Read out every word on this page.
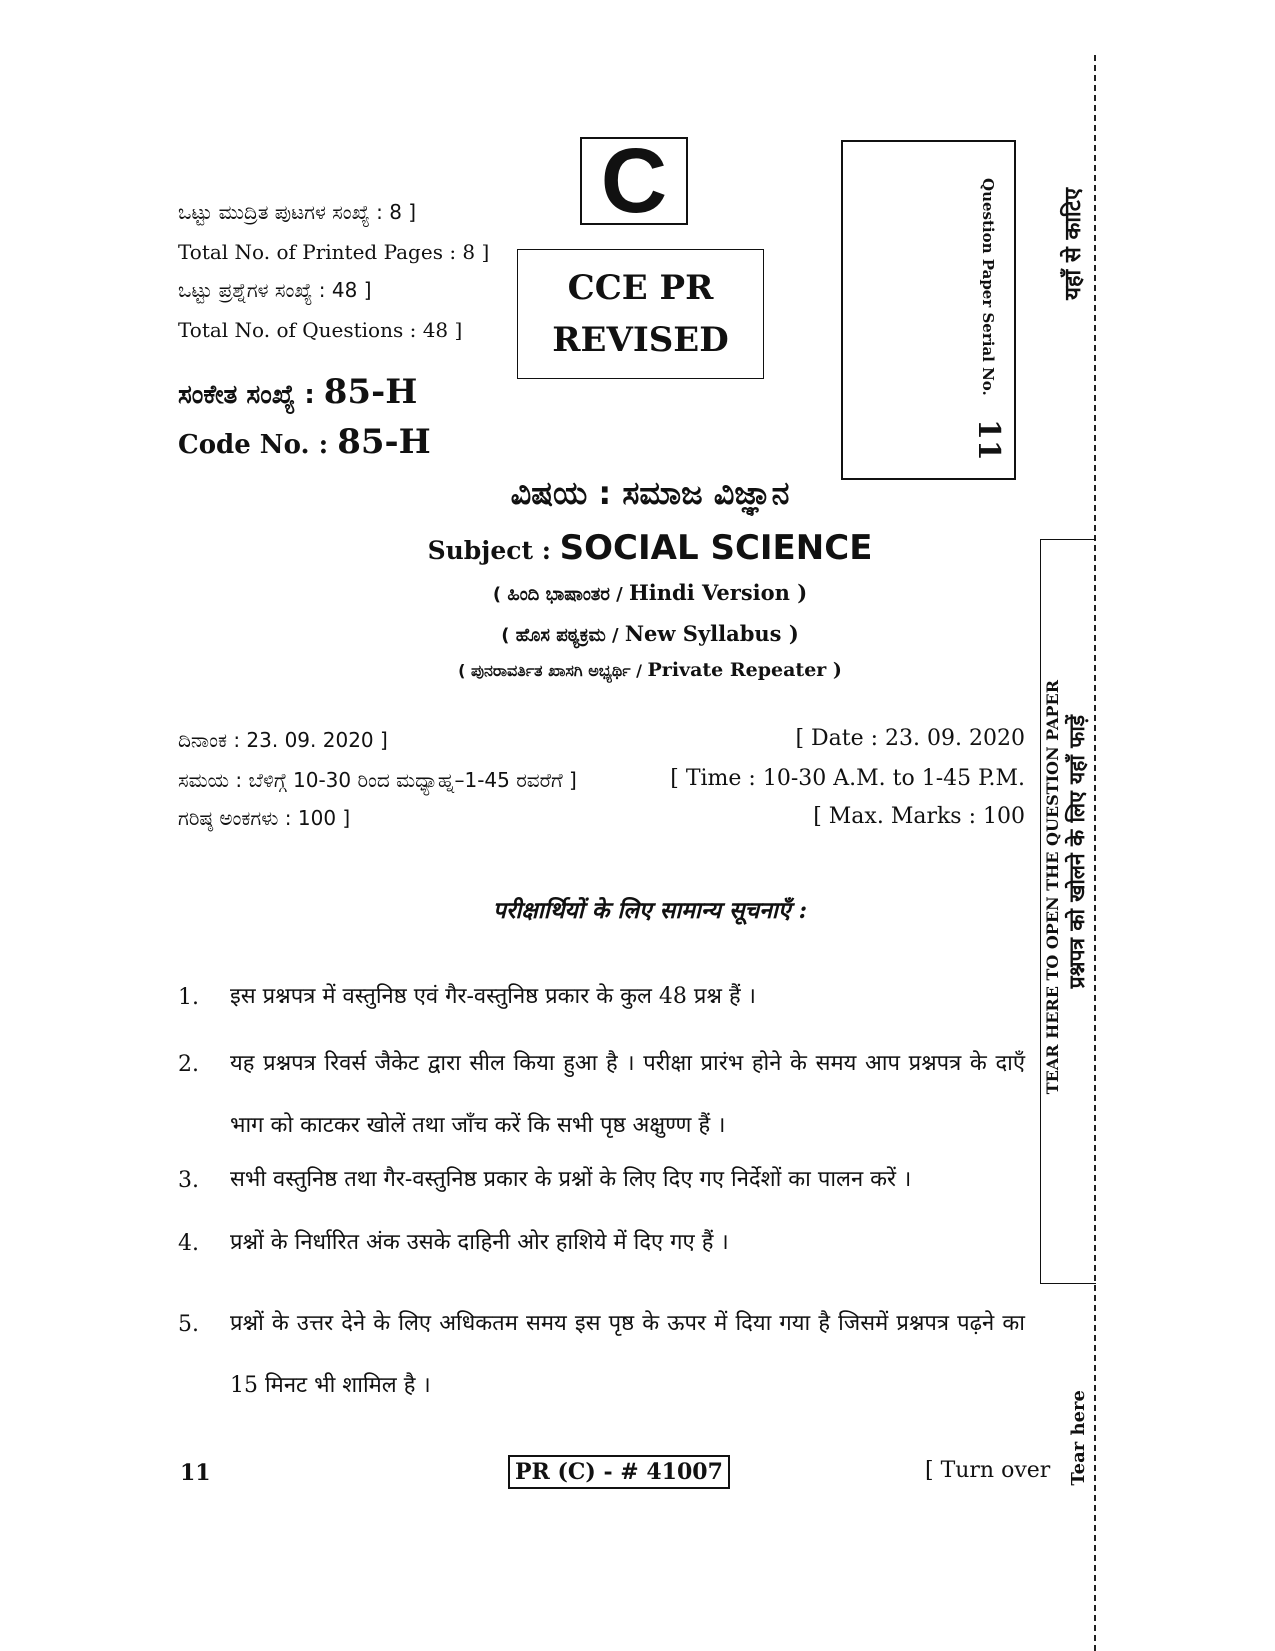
ಒಟ್ಟು ಮುದ್ರಿತ ಪುಟಗಳ ಸಂಖ್ಯೆ : 8 ]
Total No. of Printed Pages : 8 ]
ಒಟ್ಟು ಪ್ರಶ್ನೆಗಳ ಸಂಖ್ಯೆ : 48 ]
Total No. of Questions : 48 ]
ಸಂಕೇತ ಸಂಖ್ಯೆ : 85-H
Code No. : 85-H
C
CCE PR
REVISED	Question Paper Serial No. 11
ವಿಷಯ : ಸಮಾಜ ವಿಜ್ಞಾನ
Subject : SOCIAL SCIENCE
( ಹಿಂದಿ ಭಾಷಾಂತರ / Hindi Version )
( ಹೊಸ ಪಠ್ಯಕ್ರಮ / New Syllabus )
( ಪುನರಾವರ್ತಿತ ಖಾಸಗಿ ಅಭ್ಯರ್ಥಿ / Private Repeater )
ದಿನಾಂಕ : 23. 09. 2020 ]	[ Date : 23. 09. 2020
ಸಮಯ : ಬೆಳಿಗ್ಗೆ 10-30 ರಿಂದ ಮಧ್ಯಾಹ್ನ–1-45 ರವರೆಗೆ ]	[ Time : 10-30 A.M. to 1-45 P.M.
ಗರಿಷ್ಠ ಅಂಕಗಳು : 100 ]	[ Max. Marks : 100
परीक्षार्थियों के लिए सामान्य सूचनाएँ :
1. इस प्रश्नपत्र में वस्तुनिष्ठ एवं गैर-वस्तुनिष्ठ प्रकार के कुल 48 प्रश्न हैं ।
2. यह प्रश्नपत्र रिवर्स जैकेट द्वारा सील किया हुआ है । परीक्षा प्रारंभ होने के समय आप प्रश्नपत्र के दाएँ भाग को काटकर खोलें तथा जाँच करें कि सभी पृष्ठ अक्षुण्ण हैं ।
3. सभी वस्तुनिष्ठ तथा गैर-वस्तुनिष्ठ प्रकार के प्रश्नों के लिए दिए गए निर्देशों का पालन करें ।
4. प्रश्नों के निर्धारित अंक उसके दाहिनी ओर हाशिये में दिए गए हैं ।
5. प्रश्नों के उत्तर देने के लिए अधिकतम समय इस पृष्ठ के ऊपर में दिया गया है जिसमें प्रश्नपत्र पढ़ने का 15 मिनट भी शामिल है ।
11	PR (C) - # 41007	[ Turn over
यहाँ से काटिए
TEAR HERE TO OPEN THE QUESTION PAPER प्रश्नपत्र को खोलने के लिए यहाँ फाड़ें
Tear here
